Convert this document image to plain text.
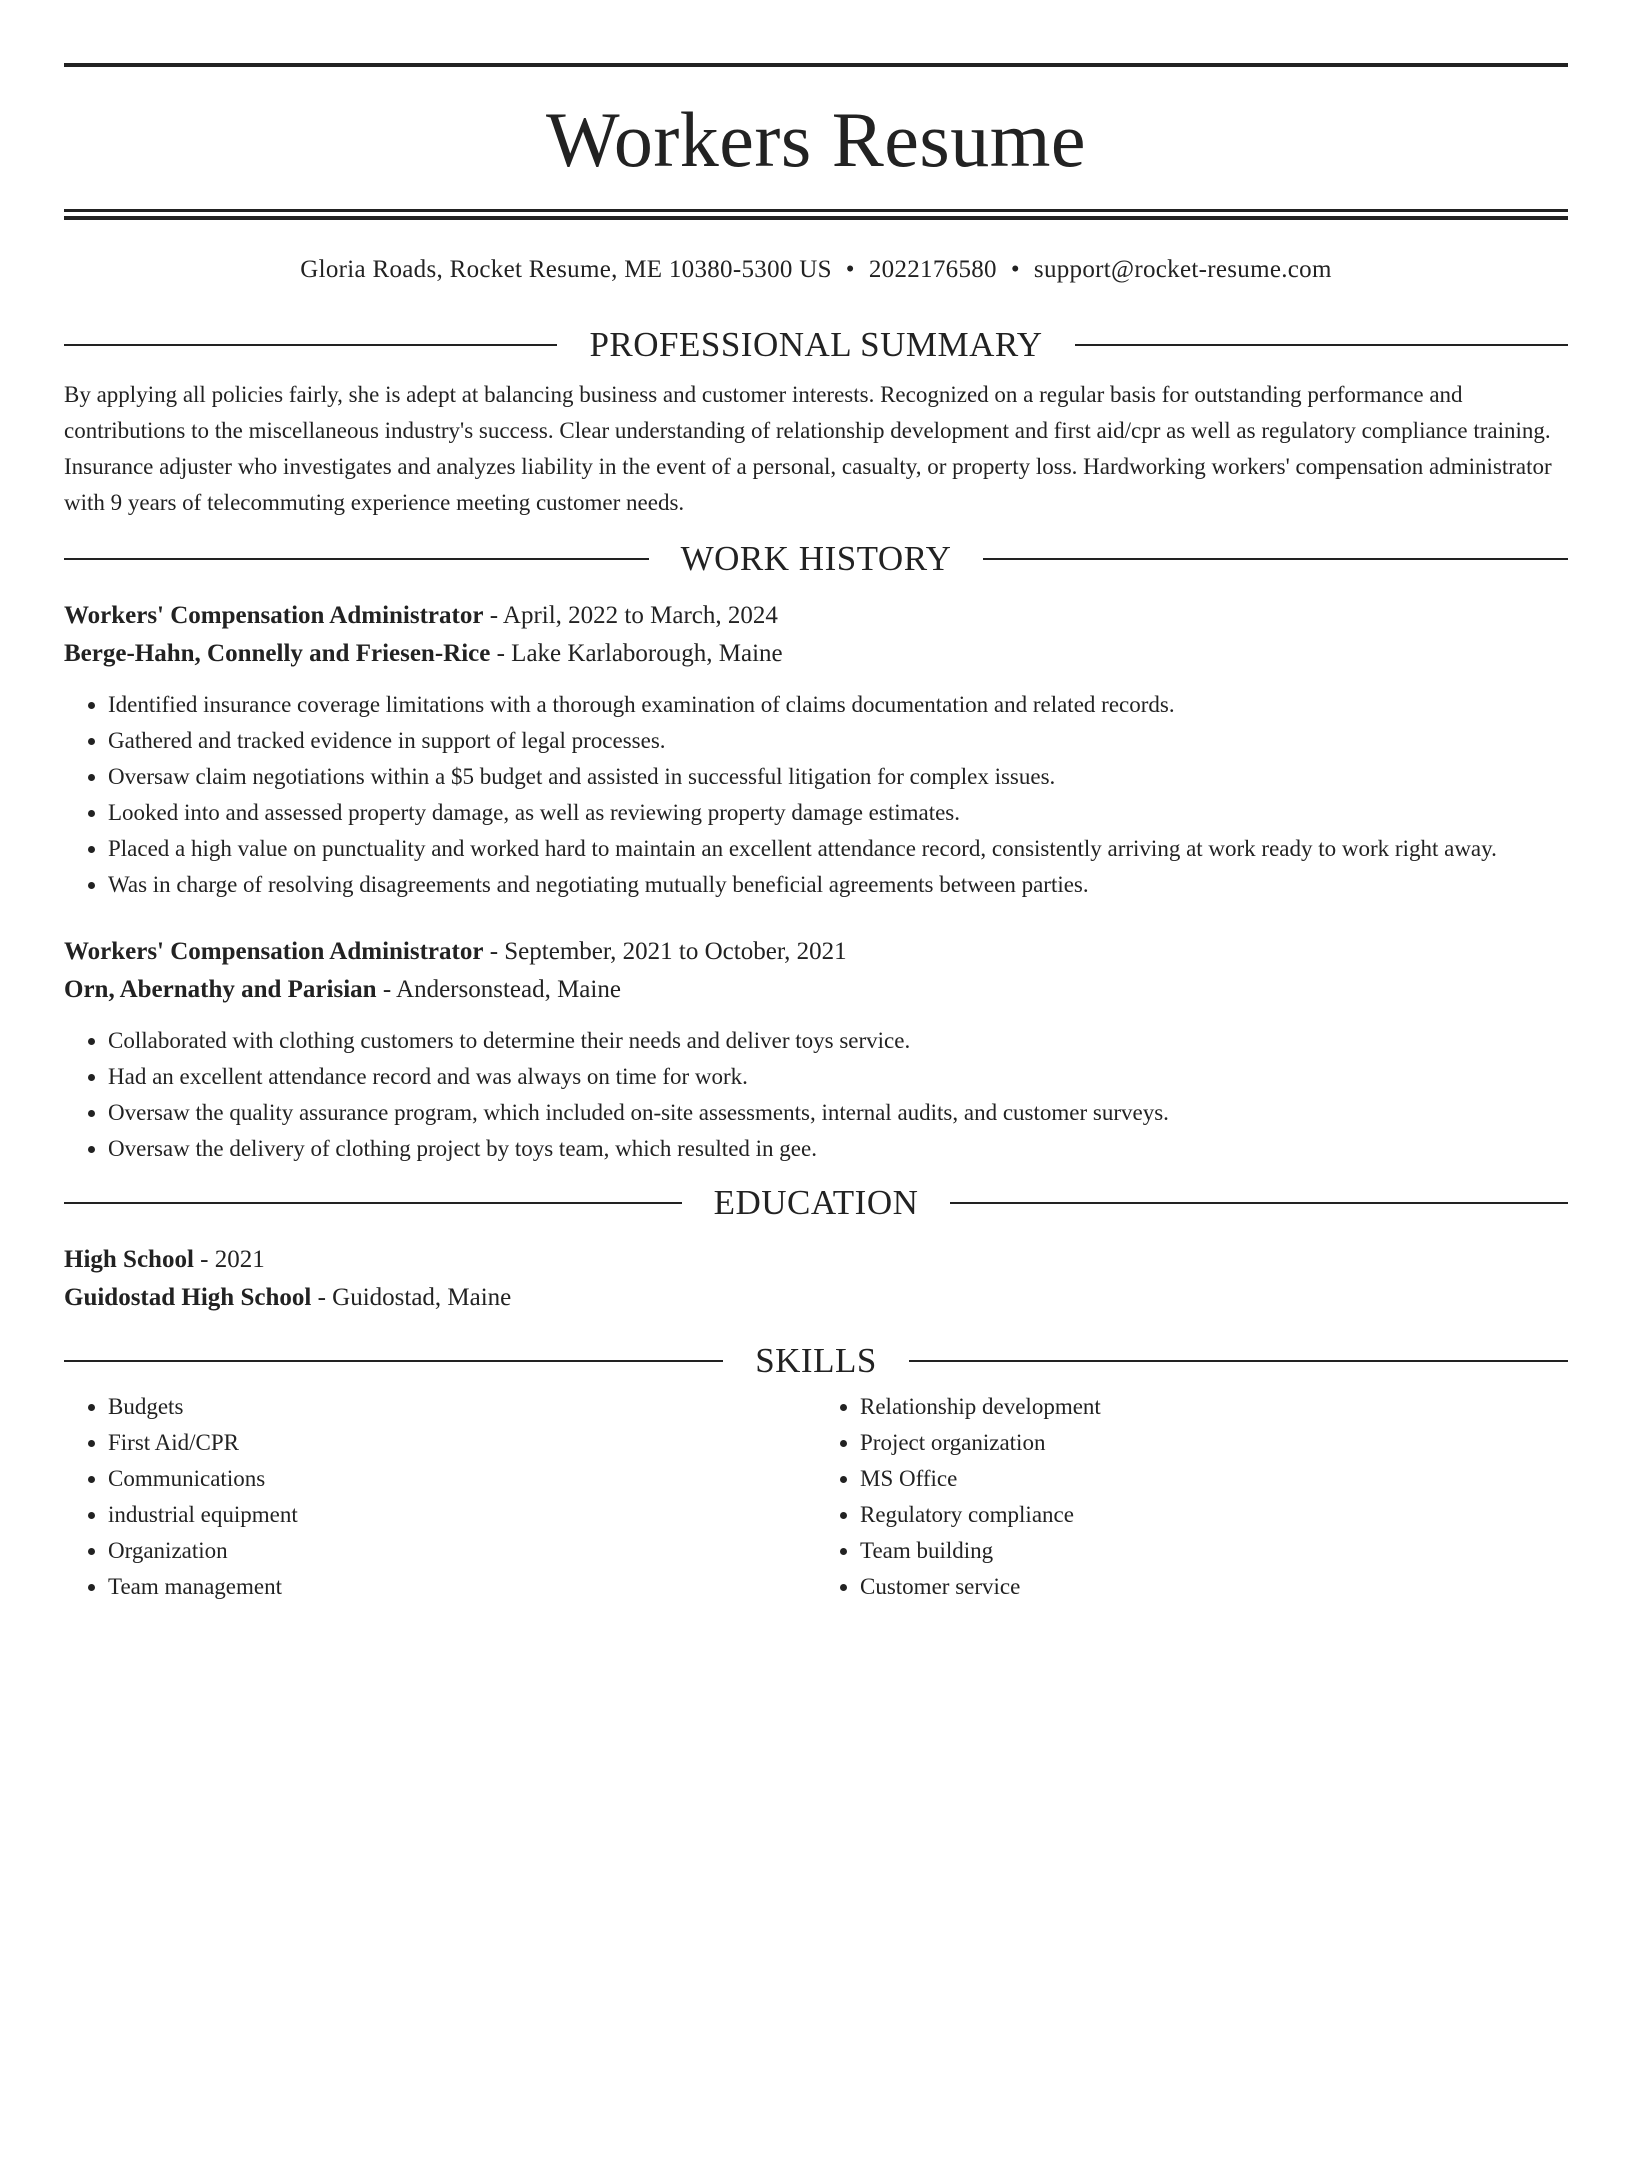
Workers Resume
Gloria Roads, Rocket Resume, ME 10380-5300 US • 2022176580 • support@rocket-resume.com
PROFESSIONAL SUMMARY

By applying all policies fairly, she is adept at balancing business and customer interests. Recognized on a regular basis for outstanding performance and contributions to the miscellaneous industry's success. Clear understanding of relationship development and first aid/cpr as well as regulatory compliance training. Insurance adjuster who investigates and analyzes liability in the event of a personal, casualty, or property loss. Hardworking workers' compensation administrator with 9 years of telecommuting experience meeting customer needs.

WORK HISTORY
Workers' Compensation Administrator - April, 2022 to March, 2024
Berge-Hahn, Connelly and Friesen-Rice - Lake Karlaborough, Maine
• Identified insurance coverage limitations with a thorough examination of claims documentation and related records.
• Gathered and tracked evidence in support of legal processes.
• Oversaw claim negotiations within a $5 budget and assisted in successful litigation for complex issues.
• Looked into and assessed property damage, as well as reviewing property damage estimates.
• Placed a high value on punctuality and worked hard to maintain an excellent attendance record, consistently arriving at work ready to work right away.
• Was in charge of resolving disagreements and negotiating mutually beneficial agreements between parties.
Workers' Compensation Administrator - September, 2021 to October, 2021
Orn, Abernathy and Parisian - Andersonstead, Maine
• Collaborated with clothing customers to determine their needs and deliver toys service.
• Had an excellent attendance record and was always on time for work.
• Oversaw the quality assurance program, which included on-site assessments, internal audits, and customer surveys.
• Oversaw the delivery of clothing project by toys team, which resulted in gee.
EDUCATION
High School - 2021
Guidostad High School - Guidostad, Maine
SKILLS
• Budgets
• First Aid/CPR
• Communications
• industrial equipment
• Organization
• Team management
• Relationship development
• Project organization
• MS Office
• Regulatory compliance
• Team building
• Customer service
